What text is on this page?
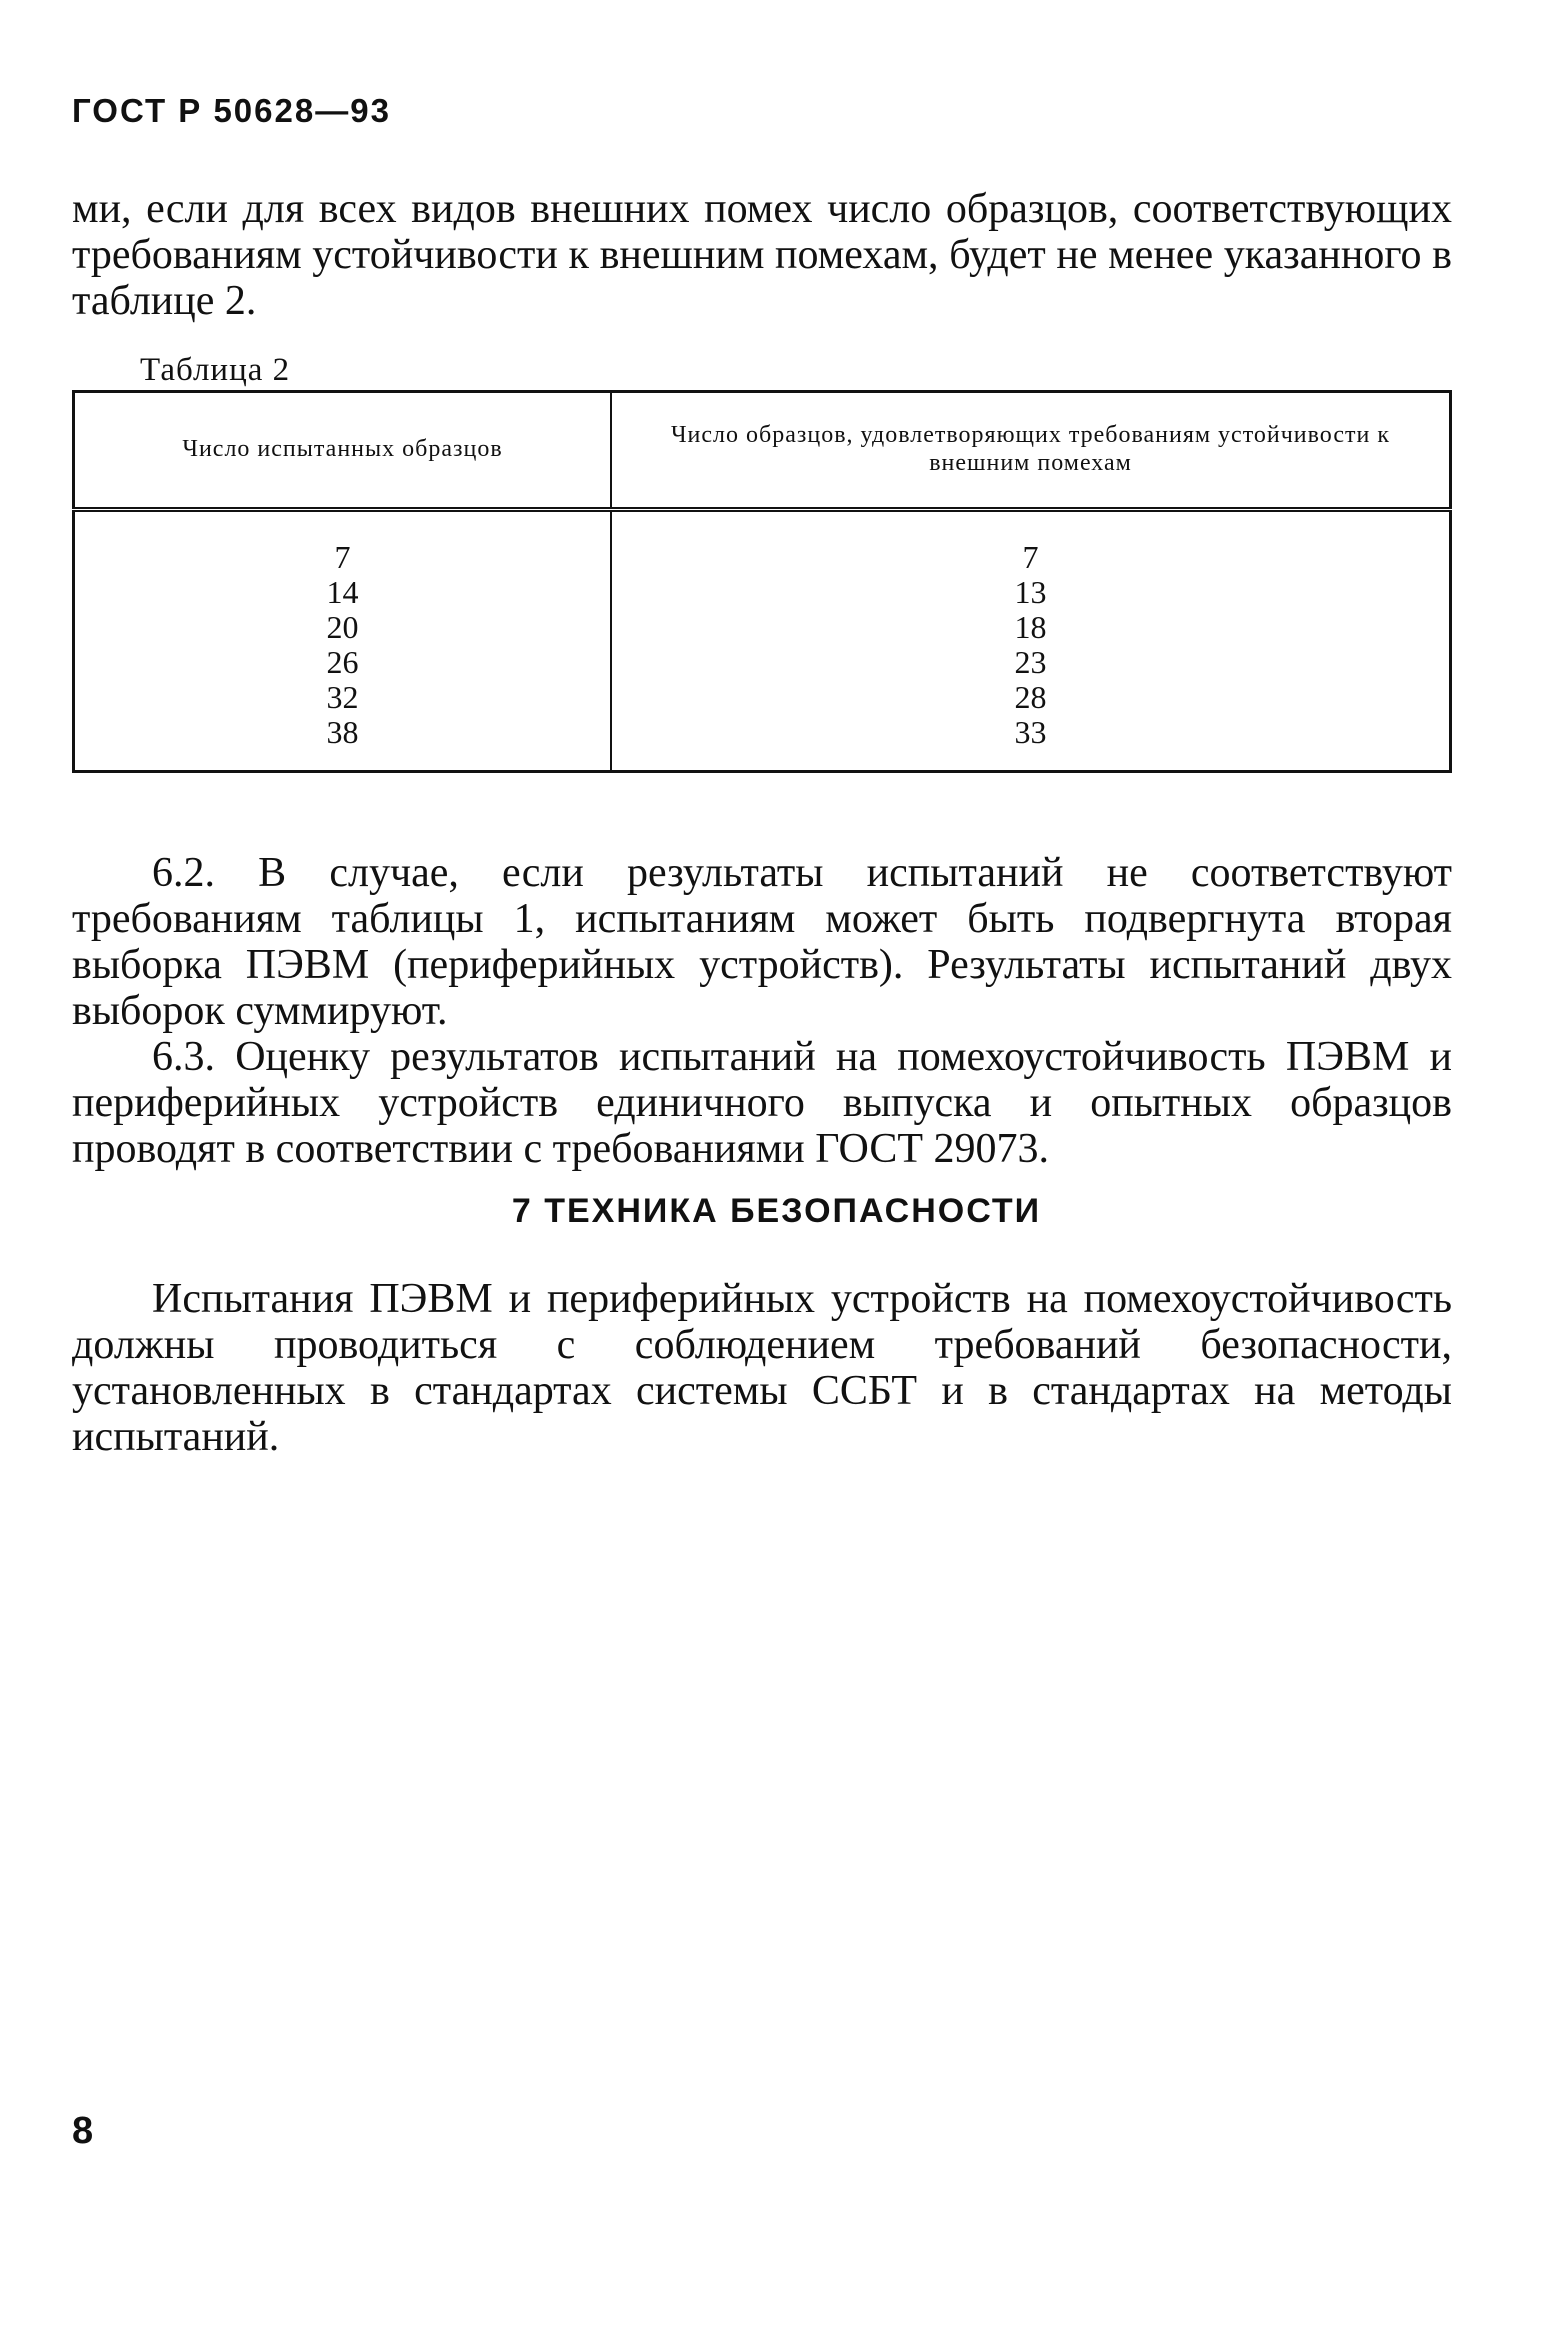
ГОСТ Р 50628—93

ми, если для всех видов внешних помех число образцов, соответствующих требованиям устойчивости к внешним помехам, будет не менее указанного в таблице 2.

Таблица 2
Число испытанных образцов	Число образцов, удовлетворяющих требованиям устойчивости к внешним помехам

7	7
14	13
20	18
26	23
32	28
38	33

6.2. В случае, если результаты испытаний не соответствуют требованиям таблицы 1, испытаниям может быть подвергнута вторая выборка ПЭВМ (периферийных устройств). Результаты испытаний двух выборок суммируют.

6.3. Оценку результатов испытаний на помехоустойчивость ПЭВМ и периферийных устройств единичного выпуска и опытных образцов проводят в соответствии с требованиями ГОСТ 29073.

7 ТЕХНИКА БЕЗОПАСНОСТИ

Испытания ПЭВМ и периферийных устройств на помехоустойчивость должны проводиться с соблюдением требований безопасности, установленных в стандартах системы ССБТ и в стандартах на методы испытаний.

8
